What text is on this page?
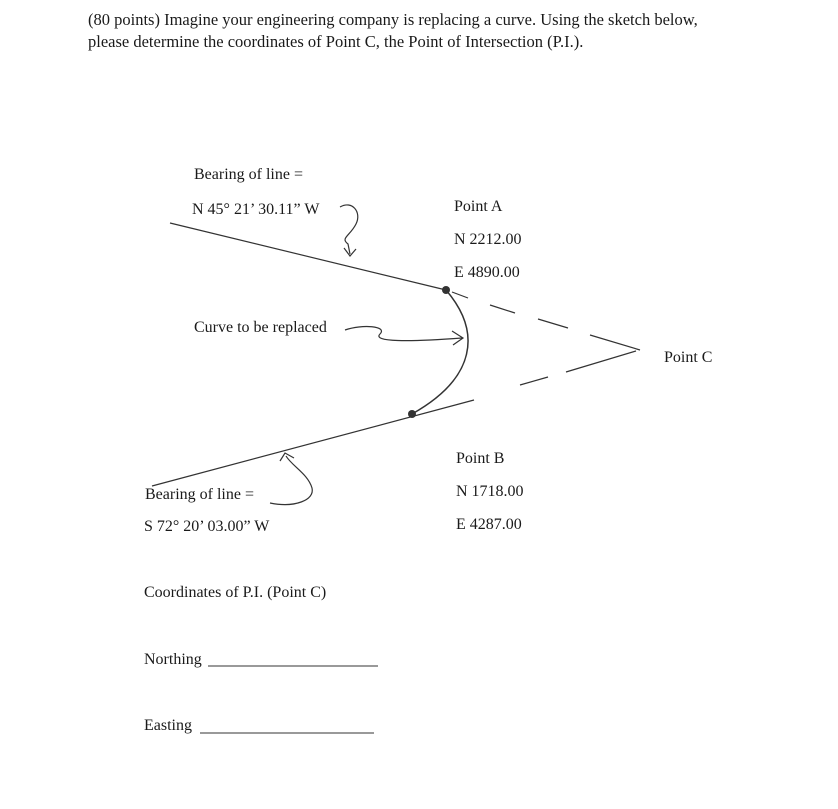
(80 points) Imagine your engineering company is replacing a curve. Using the sketch below,
please determine the coordinates of Point C, the Point of Intersection (P.I.).
Bearing of line =
N 45° 21’ 30.11” W
Curve to be replaced
Point A
N 2212.00
E 4890.00
Point C
Point B
N 1718.00
E 4287.00
Bearing of line =
S 72° 20’ 03.00” W
Coordinates of P.I. (Point C)
Northing
Easting
